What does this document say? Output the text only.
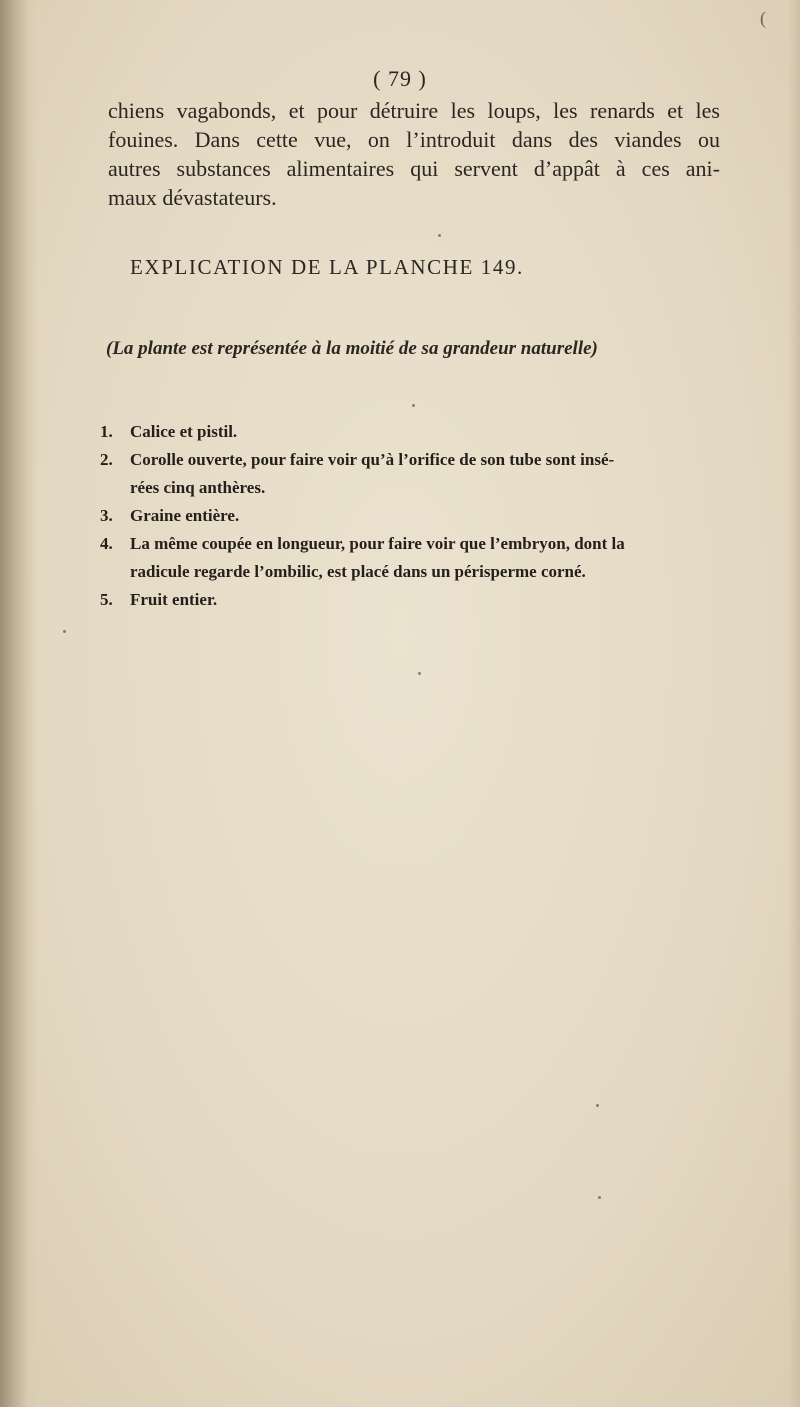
(
( 79 )
chiens vagabonds, et pour détruire les loups, les renards et les
fouines. Dans cette vue, on l’introduit dans des viandes ou
autres substances alimentaires qui servent d’appât à ces ani-
maux dévastateurs.
EXPLICATION DE LA PLANCHE 149.
(La plante est représentée à la moitié de sa grandeur naturelle)
1.	Calice et pistil.
2.	Corolle ouverte, pour faire voir qu’à l’orifice de son tube sont insé-
rées cinq anthères.
3.	Graine entière.
4.	La même coupée en longueur, pour faire voir que l’embryon, dont la
radicule regarde l’ombilic, est placé dans un périsperme corné.
5.	Fruit entier.
